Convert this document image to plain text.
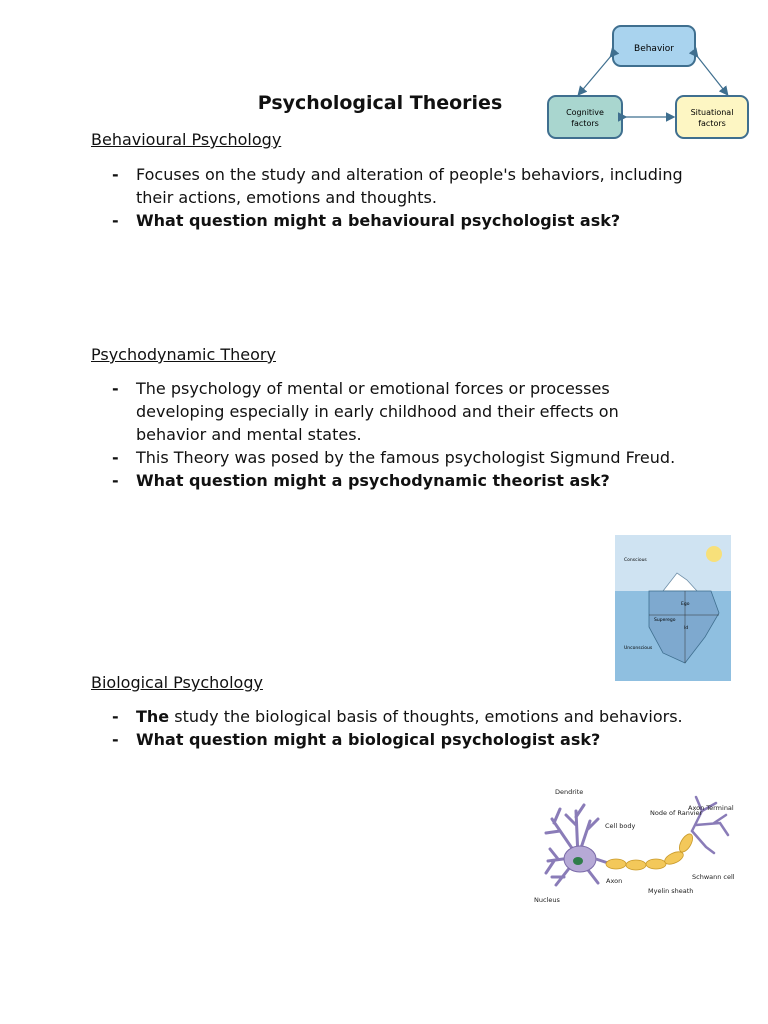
Psychological Theories
Behavior
Cognitive
factors
Situational
factors
Behavioural Psychology
- Focuses on the study and alteration of people's behaviors, including their actions, emotions and thoughts.
- What question might a behavioural psychologist ask?
Psychodynamic Theory
- The psychology of mental or emotional forces or processes developing especially in early childhood and their effects on behavior and mental states.
- This Theory was posed by the famous psychologist Sigmund Freud.
- What question might a psychodynamic theorist ask?
Conscious
Ego
Superego
Id
Unconscious
Biological Psychology
- The study the biological basis of thoughts, emotions and behaviors.
- What question might a biological psychologist ask?
Dendrite
Axon Terminal
Node of Ranvier
Cell body
Schwann cell
Axon
Myelin sheath
Nucleus
